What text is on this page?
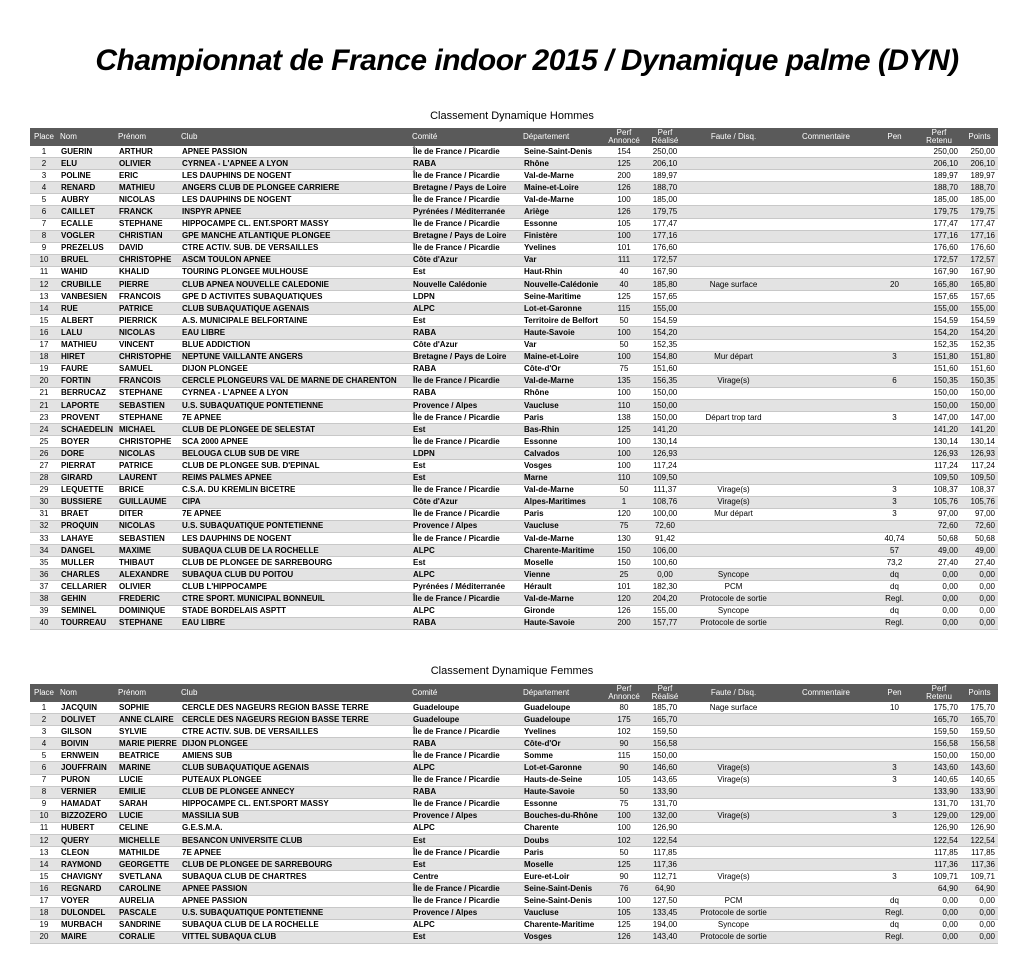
Championnat de France indoor 2015 / Dynamique palme (DYN)
Classement Dynamique Hommes
Place	Nom	Prénom	Club	Comité	Département	Perf Annoncé	Perf Réalisé	Faute / Disq.	Commentaire	Pen	Perf Retenu	Points
1	GUERIN	ARTHUR	APNEE PASSION	Île de France / Picardie	Seine-Saint-Denis	154	250,00				250,00	250,00
2	ELU	OLIVIER	CYRNEA - L'APNEE A LYON	RABA	Rhône	125	206,10				206,10	206,10
3	POLINE	ERIC	LES DAUPHINS DE NOGENT	Île de France / Picardie	Val-de-Marne	200	189,97				189,97	189,97
4	RENARD	MATHIEU	ANGERS CLUB DE PLONGEE CARRIERE	Bretagne / Pays de Loire	Maine-et-Loire	126	188,70				188,70	188,70
5	AUBRY	NICOLAS	LES DAUPHINS DE NOGENT	Île de France / Picardie	Val-de-Marne	100	185,00				185,00	185,00
6	CAILLET	FRANCK	INSPYR APNEE	Pyrénées / Méditerranée	Ariège	126	179,75				179,75	179,75
7	ECALLE	STEPHANE	HIPPOCAMPE CL. ENT.SPORT MASSY	Île de France / Picardie	Essonne	105	177,47				177,47	177,47
8	VOGLER	CHRISTIAN	GPE MANCHE ATLANTIQUE PLONGEE	Bretagne / Pays de Loire	Finistère	100	177,16				177,16	177,16
9	PREZELUS	DAVID	CTRE ACTIV. SUB. DE VERSAILLES	Île de France / Picardie	Yvelines	101	176,60				176,60	176,60
10	BRUEL	CHRISTOPHE	ASCM TOULON APNEE	Côte d'Azur	Var	111	172,57				172,57	172,57
11	WAHID	KHALID	TOURING PLONGEE MULHOUSE	Est	Haut-Rhin	40	167,90				167,90	167,90
12	CRUBILLE	PIERRE	CLUB APNEA NOUVELLE CALEDONIE	Nouvelle Calédonie	Nouvelle-Calédonie	40	185,80	Nage surface		20	165,80	165,80
13	VANBESIEN	FRANCOIS	GPE D ACTIVITES SUBAQUATIQUES	LDPN	Seine-Maritime	125	157,65				157,65	157,65
14	RUE	PATRICE	CLUB SUBAQUATIQUE AGENAIS	ALPC	Lot-et-Garonne	115	155,00				155,00	155,00
15	ALBERT	PIERRICK	A.S. MUNICIPALE BELFORTAINE	Est	Territoire de Belfort	50	154,59				154,59	154,59
16	LALU	NICOLAS	EAU LIBRE	RABA	Haute-Savoie	100	154,20				154,20	154,20
17	MATHIEU	VINCENT	BLUE ADDICTION	Côte d'Azur	Var	50	152,35				152,35	152,35
18	HIRET	CHRISTOPHE	NEPTUNE VAILLANTE ANGERS	Bretagne / Pays de Loire	Maine-et-Loire	100	154,80	Mur départ		3	151,80	151,80
19	FAURE	SAMUEL	DIJON PLONGEE	RABA	Côte-d'Or	75	151,60				151,60	151,60
20	FORTIN	FRANCOIS	CERCLE PLONGEURS VAL DE MARNE DE CHARENTON	Île de France / Picardie	Val-de-Marne	135	156,35	Virage(s)		6	150,35	150,35
21	BERRUCAZ	STEPHANE	CYRNEA - L'APNEE A LYON	RABA	Rhône	100	150,00				150,00	150,00
21	LAPORTE	SEBASTIEN	U.S. SUBAQUATIQUE PONTETIENNE	Provence / Alpes	Vaucluse	110	150,00				150,00	150,00
23	PROVENT	STEPHANE	7E APNEE	Île de France / Picardie	Paris	138	150,00	Départ trop tard		3	147,00	147,00
24	SCHAEDELIN	MICHAEL	CLUB DE PLONGEE DE SELESTAT	Est	Bas-Rhin	125	141,20				141,20	141,20
25	BOYER	CHRISTOPHE	SCA 2000 APNEE	Île de France / Picardie	Essonne	100	130,14				130,14	130,14
26	DORE	NICOLAS	BELOUGA CLUB SUB DE VIRE	LDPN	Calvados	100	126,93				126,93	126,93
27	PIERRAT	PATRICE	CLUB DE PLONGEE SUB. D'EPINAL	Est	Vosges	100	117,24				117,24	117,24
28	GIRARD	LAURENT	REIMS PALMES APNEE	Est	Marne	110	109,50				109,50	109,50
29	LEQUETTE	BRICE	C.S.A. DU KREMLIN BICETRE	Île de France / Picardie	Val-de-Marne	50	111,37	Virage(s)		3	108,37	108,37
30	BUSSIERE	GUILLAUME	CIPA	Côte d'Azur	Alpes-Maritimes	1	108,76	Virage(s)		3	105,76	105,76
31	BRAET	DITER	7E APNEE	Île de France / Picardie	Paris	120	100,00	Mur départ		3	97,00	97,00
32	PROQUIN	NICOLAS	U.S. SUBAQUATIQUE PONTETIENNE	Provence / Alpes	Vaucluse	75	72,60				72,60	72,60
33	LAHAYE	SEBASTIEN	LES DAUPHINS DE NOGENT	Île de France / Picardie	Val-de-Marne	130	91,42			40,74	50,68	50,68
34	DANGEL	MAXIME	SUBAQUA CLUB DE LA ROCHELLE	ALPC	Charente-Maritime	150	106,00			57	49,00	49,00
35	MULLER	THIBAUT	CLUB DE PLONGEE DE SARREBOURG	Est	Moselle	150	100,60			73,2	27,40	27,40
36	CHARLES	ALEXANDRE	SUBAQUA CLUB DU POITOU	ALPC	Vienne	25	0,00	Syncope		dq	0,00	0,00
37	CELLARIER	OLIVIER	CLUB L'HIPPOCAMPE	Pyrénées / Méditerranée	Hérault	101	182,30	PCM		dq	0,00	0,00
38	GEHIN	FREDERIC	CTRE SPORT. MUNICIPAL BONNEUIL	Île de France / Picardie	Val-de-Marne	120	204,20	Protocole de sortie		Regl.	0,00	0,00
39	SEMINEL	DOMINIQUE	STADE BORDELAIS ASPTT	ALPC	Gironde	126	155,00	Syncope		dq	0,00	0,00
40	TOURREAU	STEPHANE	EAU LIBRE	RABA	Haute-Savoie	200	157,77	Protocole de sortie		Regl.	0,00	0,00
Classement Dynamique Femmes
Place	Nom	Prénom	Club	Comité	Département	Perf Annoncé	Perf Réalisé	Faute / Disq.	Commentaire	Pen	Perf Retenu	Points
1	JACQUIN	SOPHIE	CERCLE DES NAGEURS REGION BASSE TERRE	Guadeloupe	Guadeloupe	80	185,70	Nage surface		10	175,70	175,70
2	DOLIVET	ANNE CLAIRE	CERCLE DES NAGEURS REGION BASSE TERRE	Guadeloupe	Guadeloupe	175	165,70				165,70	165,70
3	GILSON	SYLVIE	CTRE ACTIV. SUB. DE VERSAILLES	Île de France / Picardie	Yvelines	102	159,50				159,50	159,50
4	BOIVIN	MARIE PIERRE	DIJON PLONGEE	RABA	Côte-d'Or	90	156,58				156,58	156,58
5	ERNWEIN	BEATRICE	AMIENS SUB	Île de France / Picardie	Somme	115	150,00				150,00	150,00
6	JOUFFRAIN	MARINE	CLUB SUBAQUATIQUE AGENAIS	ALPC	Lot-et-Garonne	90	146,60	Virage(s)		3	143,60	143,60
7	PURON	LUCIE	PUTEAUX PLONGEE	Île de France / Picardie	Hauts-de-Seine	105	143,65	Virage(s)		3	140,65	140,65
8	VERNIER	EMILIE	CLUB DE PLONGEE ANNECY	RABA	Haute-Savoie	50	133,90				133,90	133,90
9	HAMADAT	SARAH	HIPPOCAMPE CL. ENT.SPORT MASSY	Île de France / Picardie	Essonne	75	131,70				131,70	131,70
10	BIZZOZERO	LUCIE	MASSILIA SUB	Provence / Alpes	Bouches-du-Rhône	100	132,00	Virage(s)		3	129,00	129,00
11	HUBERT	CELINE	G.E.S.M.A.	ALPC	Charente	100	126,90				126,90	126,90
12	QUERY	MICHELLE	BESANCON UNIVERSITE CLUB	Est	Doubs	102	122,54				122,54	122,54
13	CLEON	MATHILDE	7E APNEE	Île de France / Picardie	Paris	50	117,85				117,85	117,85
14	RAYMOND	GEORGETTE	CLUB DE PLONGEE DE SARREBOURG	Est	Moselle	125	117,36				117,36	117,36
15	CHAVIGNY	SVETLANA	SUBAQUA CLUB DE CHARTRES	Centre	Eure-et-Loir	90	112,71	Virage(s)		3	109,71	109,71
16	REGNARD	CAROLINE	APNEE PASSION	Île de France / Picardie	Seine-Saint-Denis	76	64,90				64,90	64,90
17	VOYER	AURELIA	APNEE PASSION	Île de France / Picardie	Seine-Saint-Denis	100	127,50	PCM		dq	0,00	0,00
18	DULONDEL	PASCALE	U.S. SUBAQUATIQUE PONTETIENNE	Provence / Alpes	Vaucluse	105	133,45	Protocole de sortie		Regl.	0,00	0,00
19	MURBACH	SANDRINE	SUBAQUA CLUB DE LA ROCHELLE	ALPC	Charente-Maritime	125	194,00	Syncope		dq	0,00	0,00
20	MAIRE	CORALIE	VITTEL SUBAQUA CLUB	Est	Vosges	126	143,40	Protocole de sortie		Regl.	0,00	0,00
